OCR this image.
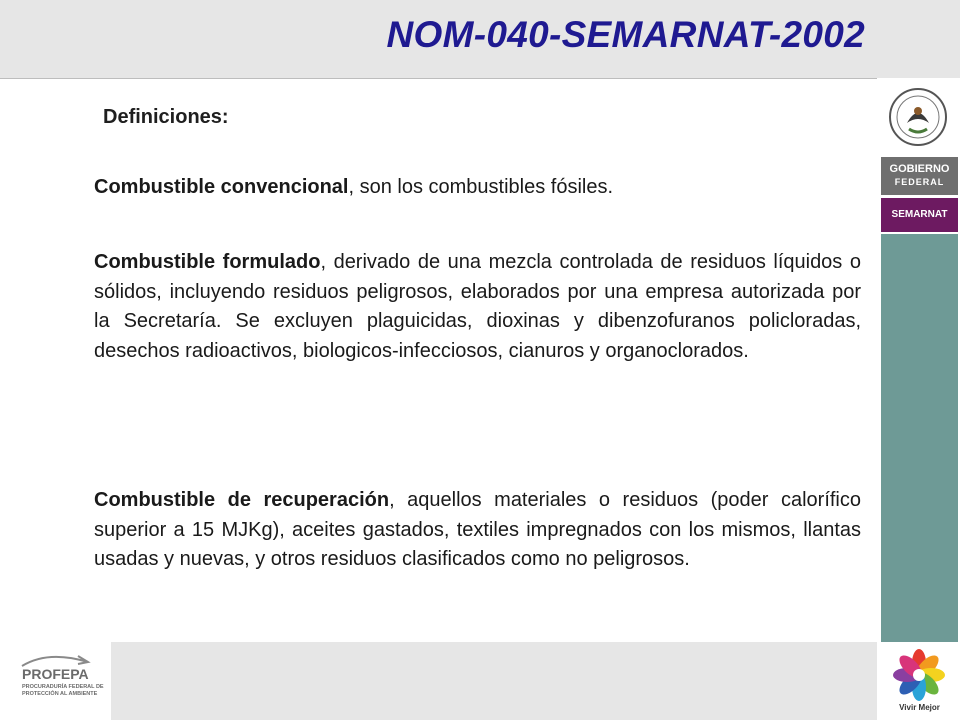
NOM-040-SEMARNAT-2002
Definiciones:
Combustible convencional, son los combustibles fósiles.
Combustible formulado, derivado de una mezcla controlada de residuos líquidos o sólidos, incluyendo residuos peligrosos, elaborados por una empresa autorizada por la Secretaría. Se excluyen plaguicidas, dioxinas y dibenzofuranos policloradas, desechos radioactivos, biologicos-infecciosos, cianuros y organoclorados.
Combustible de recuperación, aquellos materiales o residuos (poder calorífico superior a 15 MJKg), aceites gastados, textiles impregnados con los mismos, llantas usadas y nuevas, y otros residuos clasificados como no peligrosos.
GOBIERNO
FEDERAL
SEMARNAT
Vivir Mejor
PROFEPA
PROCURADURÍA FEDERAL DE PROTECCIÓN AL AMBIENTE
